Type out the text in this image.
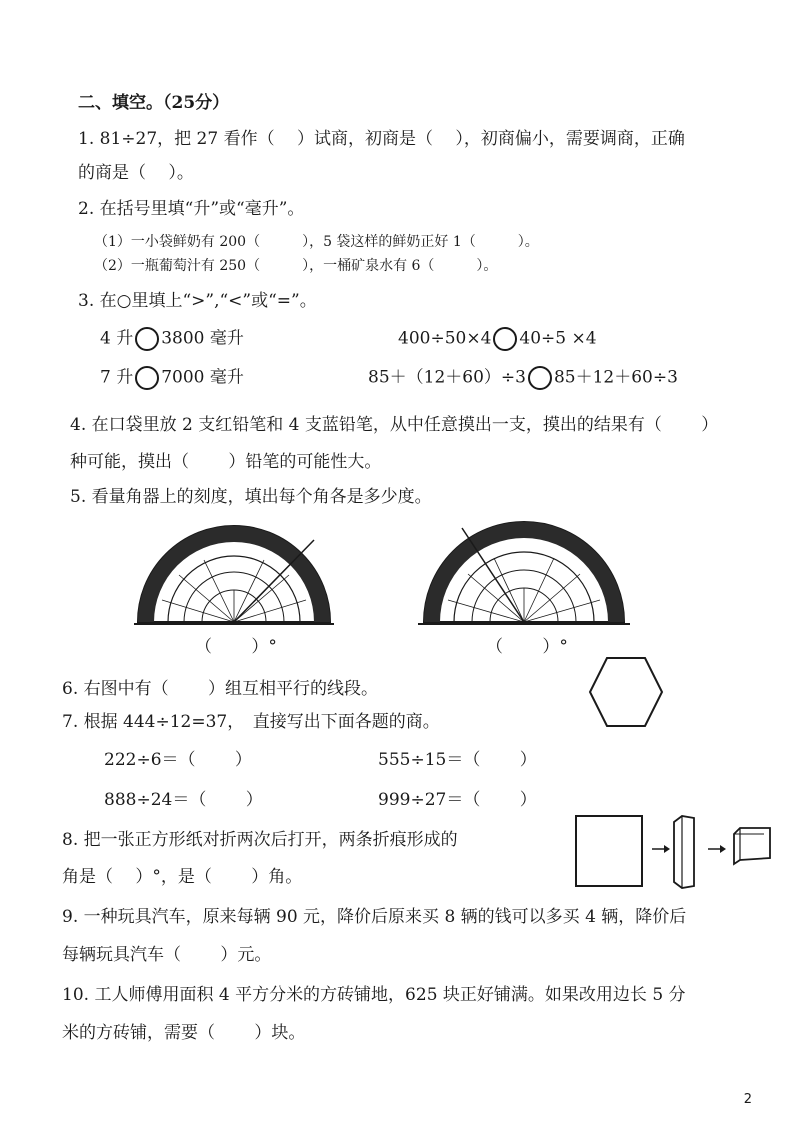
二、填空。（25分）
1. 81÷27，把 27 看作（　 ）试商，初商是（　 ），初商偏小，需要调商，正确
的商是（　 ）。
2. 在括号里填“升”或“毫升”。
（1）一小袋鲜奶有 200（　　　），5 袋这样的鲜奶正好 1（　　　）。
（2）一瓶葡萄汁有 250（　　　），一桶矿泉水有 6（　　　）。
3. 在○里填上“>”,“<”或“=”。
4 升 3800 毫升	400÷50×4 40÷5 ×4
7 升 7000 毫升	85＋（12＋60）÷3 85＋12＋60÷3
4. 在口袋里放 2 支红铅笔和 4 支蓝铅笔，从中任意摸出一支，摸出的结果有（　　 ）
种可能，摸出（　　 ）铅笔的可能性大。
5. 看量角器上的刻度，填出每个角各是多少度。
（　　 ）°	（　　 ）°
6. 右图中有（　　 ）组互相平行的线段。
7. 根据 444÷12=37，　直接写出下面各题的商。
222÷6＝（　　 ）	555÷15＝（　　 ）
888÷24＝（　　 ）	999÷27＝（　　 ）
8. 把一张正方形纸对折两次后打开，两条折痕形成的
角是（　 ）°，是（　　 ）角。
9. 一种玩具汽车，原来每辆 90 元，降价后原来买 8 辆的钱可以多买 4 辆，降价后
每辆玩具汽车（　　 ）元。
10. 工人师傅用面积 4 平方分米的方砖铺地，625 块正好铺满。如果改用边长 5 分
米的方砖铺，需要（　　 ）块。
2
